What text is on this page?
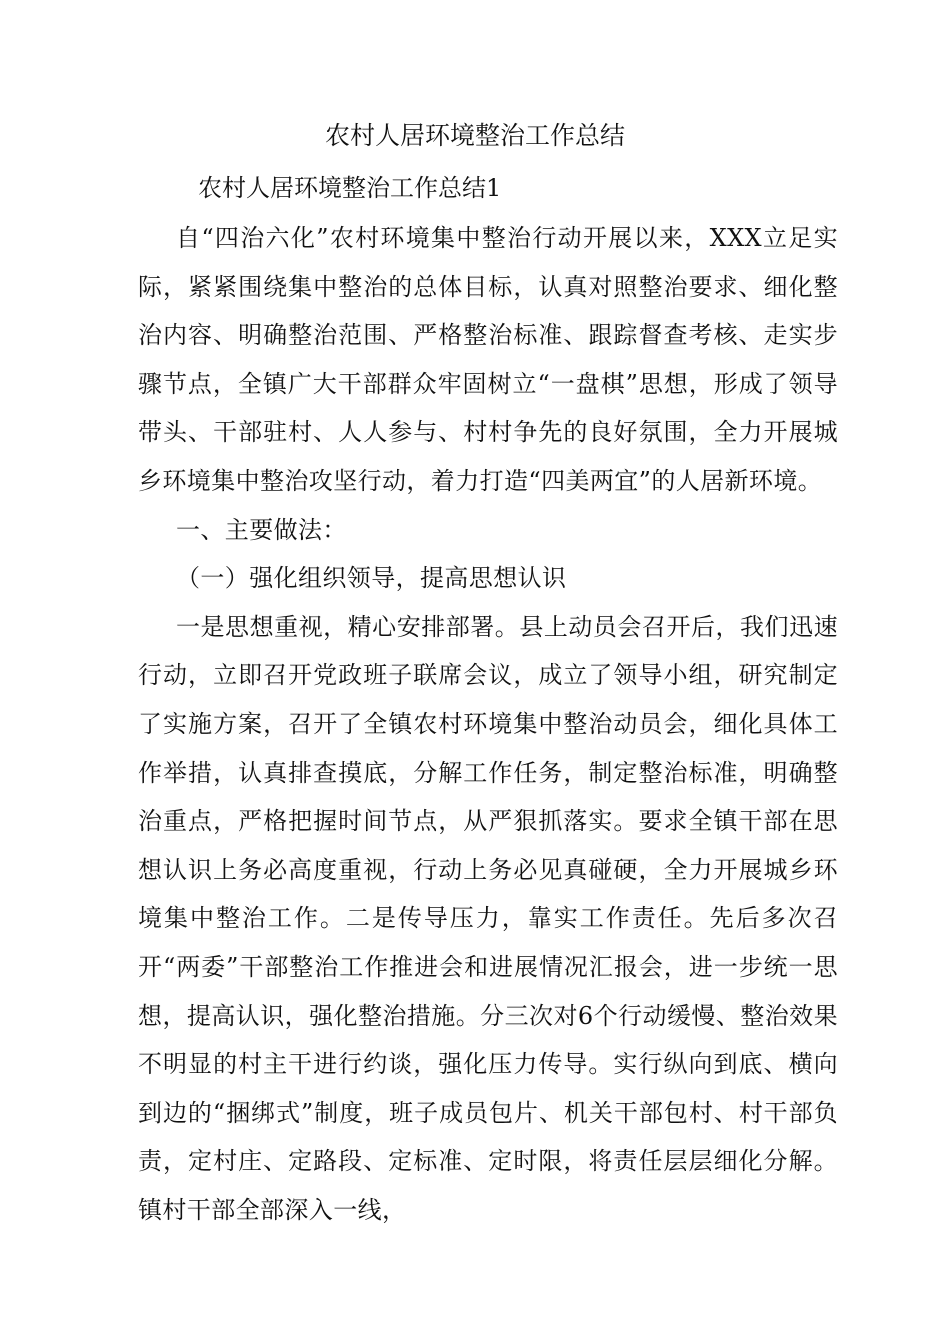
农村人居环境整治工作总结

农村人居环境整治工作总结1

自“四治六化”农村环境集中整治行动开展以来，XXX立足实际，紧紧围绕集中整治的总体目标，认真对照整治要求、细化整治内容、明确整治范围、严格整治标准、跟踪督查考核、走实步骤节点，全镇广大干部群众牢固树立“一盘棋”思想，形成了领导带头、干部驻村、人人参与、村村争先的良好氛围，全力开展城乡环境集中整治攻坚行动，着力打造“四美两宜”的人居新环境。

一、主要做法：

（一）强化组织领导，提高思想认识

一是思想重视，精心安排部署。县上动员会召开后，我们迅速行动，立即召开党政班子联席会议，成立了领导小组，研究制定了实施方案，召开了全镇农村环境集中整治动员会，细化具体工作举措，认真排查摸底，分解工作任务，制定整治标准，明确整治重点，严格把握时间节点，从严狠抓落实。要求全镇干部在思想认识上务必高度重视，行动上务必见真碰硬，全力开展城乡环境集中整治工作。二是传导压力，靠实工作责任。先后多次召开“两委”干部整治工作推进会和进展情况汇报会，进一步统一思想，提高认识，强化整治措施。分三次对6个行动缓慢、整治效果不明显的村主干进行约谈，强化压力传导。实行纵向到底、横向到边的“捆绑式”制度，班子成员包片、机关干部包村、村干部负责，定村庄、定路段、定标准、定时限，将责任层层细化分解。镇村干部全部深入一线，
